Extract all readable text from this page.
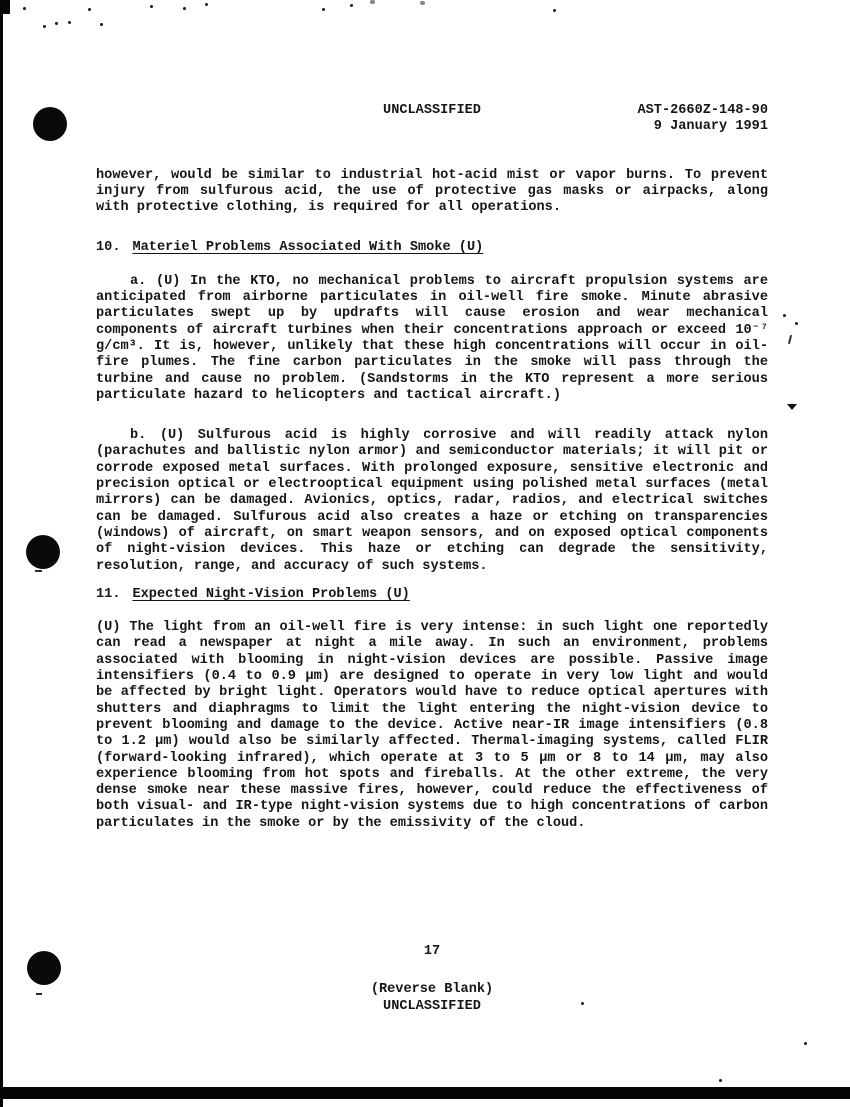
UNCLASSIFIED	AST-2660Z-148-90
9 January 1991

however, would be similar to industrial hot-acid mist or vapor burns. To prevent injury from sulfurous acid, the use of protective gas masks or airpacks, along with protective clothing, is required for all operations.

10. Materiel Problems Associated With Smoke (U)

a. (U) In the KTO, no mechanical problems to aircraft propulsion systems are anticipated from airborne particulates in oil-well fire smoke. Minute abrasive particulates swept up by updrafts will cause erosion and wear mechanical components of aircraft turbines when their concentrations approach or exceed 10⁻⁷ g/cm³. It is, however, unlikely that these high concentrations will occur in oil-fire plumes. The fine carbon particulates in the smoke will pass through the turbine and cause no problem. (Sandstorms in the KTO represent a more serious particulate hazard to helicopters and tactical aircraft.)

b. (U) Sulfurous acid is highly corrosive and will readily attack nylon (parachutes and ballistic nylon armor) and semiconductor materials; it will pit or corrode exposed metal surfaces. With prolonged exposure, sensitive electronic and precision optical or electrooptical equipment using polished metal surfaces (metal mirrors) can be damaged. Avionics, optics, radar, radios, and electrical switches can be damaged. Sulfurous acid also creates a haze or etching on transparencies (windows) of aircraft, on smart weapon sensors, and on exposed optical components of night-vision devices. This haze or etching can degrade the sensitivity, resolution, range, and accuracy of such systems.

11. Expected Night-Vision Problems (U)

(U) The light from an oil-well fire is very intense: in such light one reportedly can read a newspaper at night a mile away. In such an environment, problems associated with blooming in night-vision devices are possible. Passive image intensifiers (0.4 to 0.9 µm) are designed to operate in very low light and would be affected by bright light. Operators would have to reduce optical apertures with shutters and diaphragms to limit the light entering the night-vision device to prevent blooming and damage to the device. Active near-IR image intensifiers (0.8 to 1.2 µm) would also be similarly affected. Thermal-imaging systems, called FLIR (forward-looking infrared), which operate at 3 to 5 µm or 8 to 14 µm, may also experience blooming from hot spots and fireballs. At the other extreme, the very dense smoke near these massive fires, however, could reduce the effectiveness of both visual- and IR-type night-vision systems due to high concentrations of carbon particulates in the smoke or by the emissivity of the cloud.

17
(Reverse Blank)
UNCLASSIFIED
